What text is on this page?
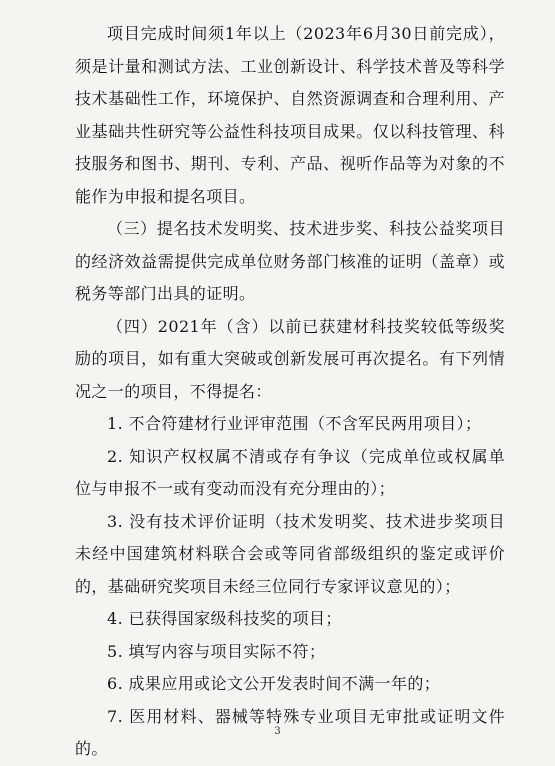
项目完成时间须1年以上（2023年6月30日前完成），须是计量和测试方法、工业创新设计、科学技术普及等科学技术基础性工作，环境保护、自然资源调查和合理利用、产业基础共性研究等公益性科技项目成果。仅以科技管理、科技服务和图书、期刊、专利、产品、视听作品等为对象的不能作为申报和提名项目。

（三）提名技术发明奖、技术进步奖、科技公益奖项目的经济效益需提供完成单位财务部门核准的证明（盖章）或税务等部门出具的证明。

（四）2021年（含）以前已获建材科技奖较低等级奖励的项目，如有重大突破或创新发展可再次提名。有下列情况之一的项目，不得提名：

1. 不合符建材行业评审范围（不含军民两用项目）；

2. 知识产权权属不清或存有争议（完成单位或权属单位与申报不一或有变动而没有充分理由的）；

3. 没有技术评价证明（技术发明奖、技术进步奖项目未经中国建筑材料联合会或等同省部级组织的鉴定或评价的，基础研究奖项目未经三位同行专家评议意见的）；

4. 已获得国家级科技奖的项目；

5. 填写内容与项目实际不符；

6. 成果应用或论文公开发表时间不满一年的；

7. 医用材料、器械等特殊专业项目无审批或证明文件的。

3
